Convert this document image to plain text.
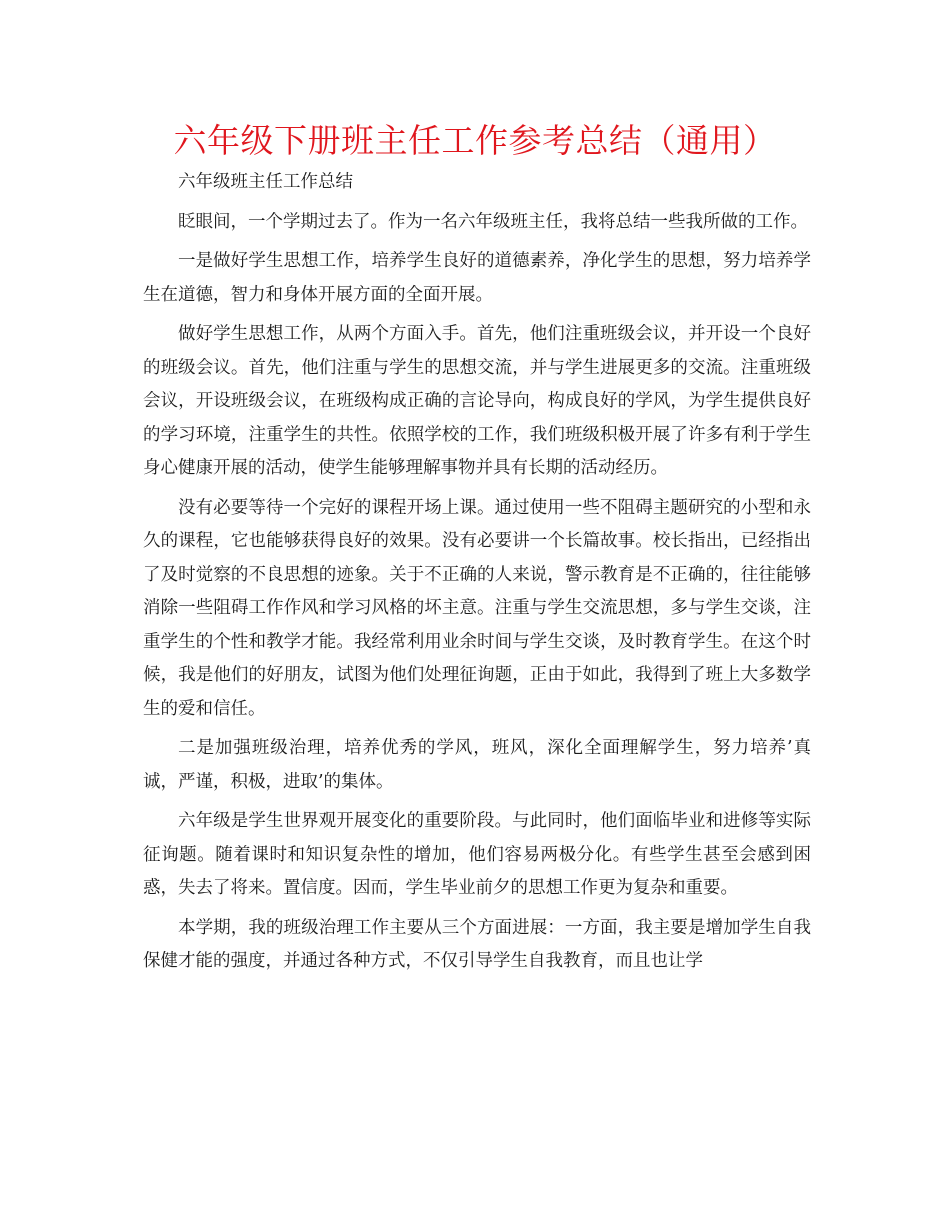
六年级下册班主任工作参考总结（通用）

六年级班主任工作总结

眨眼间，一个学期过去了。作为一名六年级班主任，我将总结一些我所做的工作。

一是做好学生思想工作，培养学生良好的道德素养，净化学生的思想，努力培养学生在道德，智力和身体开展方面的全面开展。

做好学生思想工作，从两个方面入手。首先，他们注重班级会议，并开设一个良好的班级会议。首先，他们注重与学生的思想交流，并与学生进展更多的交流。注重班级会议，开设班级会议，在班级构成正确的言论导向，构成良好的学风，为学生提供良好的学习环境，注重学生的共性。依照学校的工作，我们班级积极开展了许多有利于学生身心健康开展的活动，使学生能够理解事物并具有长期的活动经历。

没有必要等待一个完好的课程开场上课。通过使用一些不阻碍主题研究的小型和永久的课程，它也能够获得良好的效果。没有必要讲一个长篇故事。校长指出，已经指出了及时觉察的不良思想的迹象。关于不正确的人来说，警示教育是不正确的，往往能够消除一些阻碍工作作风和学习风格的坏主意。注重与学生交流思想，多与学生交谈，注重学生的个性和教学才能。我经常利用业余时间与学生交谈，及时教育学生。在这个时候，我是他们的好朋友，试图为他们处理征询题，正由于如此，我得到了班上大多数学生的爱和信任。

二是加强班级治理，培养优秀的学风，班风，深化全面理解学生，努力培养’真诚，严谨，积极，进取’的集体。

六年级是学生世界观开展变化的重要阶段。与此同时，他们面临毕业和进修等实际征询题。随着课时和知识复杂性的增加，他们容易两极分化。有些学生甚至会感到困惑，失去了将来。置信度。因而，学生毕业前夕的思想工作更为复杂和重要。

本学期，我的班级治理工作主要从三个方面进展：一方面，我主要是增加学生自我保健才能的强度，并通过各种方式，不仅引导学生自我教育，而且也让学
